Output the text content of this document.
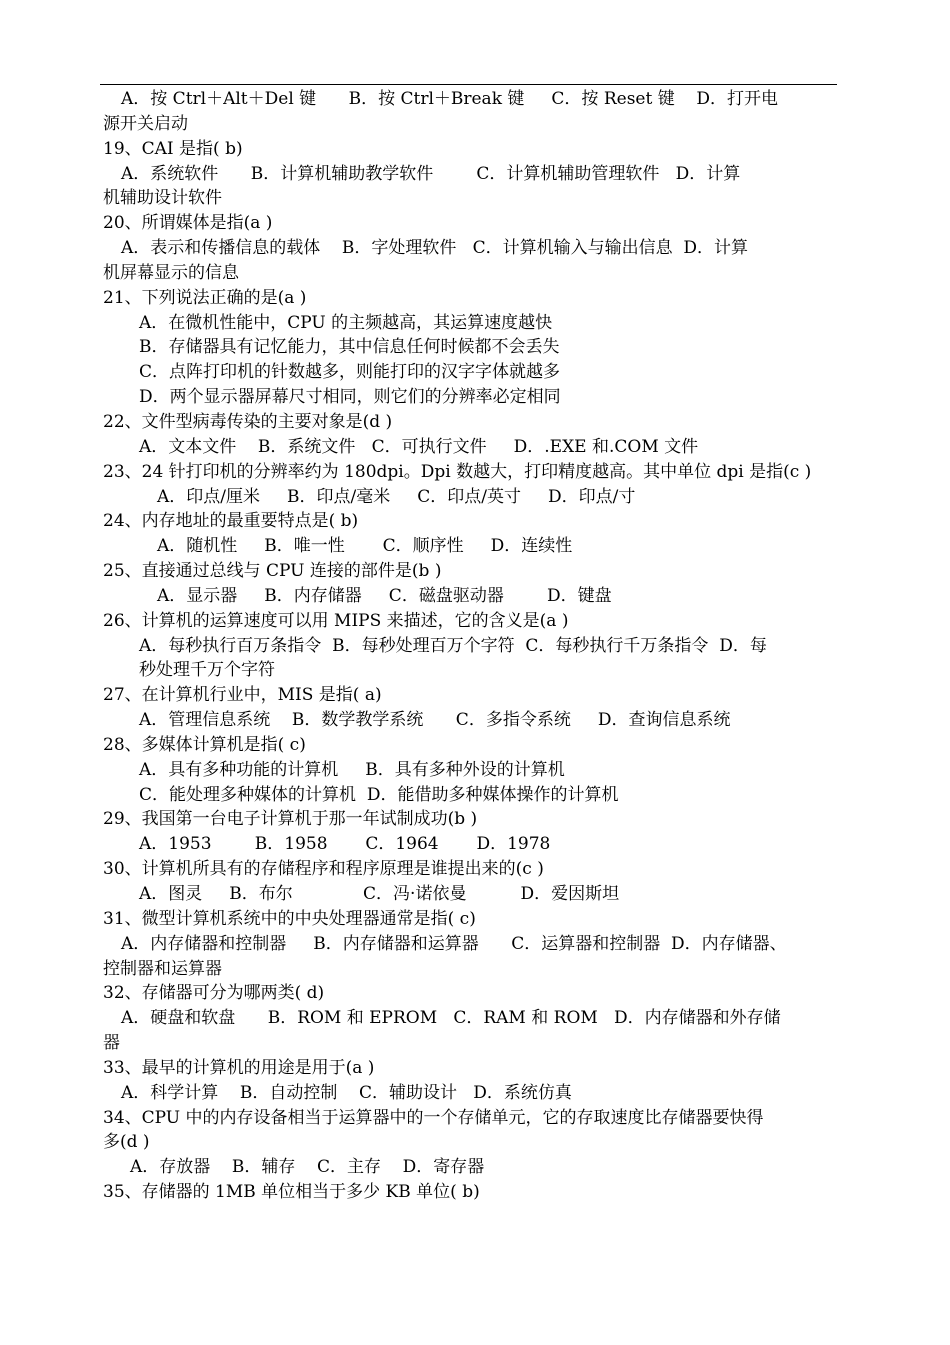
A．按 Ctrl＋Alt＋Del 键      B．按 Ctrl＋Break 键     C．按 Reset 键    D．打开电
源开关启动
19、CAI 是指( b)
A．系统软件      B．计算机辅助教学软件        C．计算机辅助管理软件   D．计算
机辅助设计软件
20、所谓媒体是指(a )
A．表示和传播信息的载体    B．字处理软件   C．计算机输入与输出信息  D．计算
机屏幕显示的信息
21、下列说法正确的是(a )
A．在微机性能中，CPU 的主频越高，其运算速度越快
B．存储器具有记忆能力，其中信息任何时候都不会丢失
C．点阵打印机的针数越多，则能打印的汉字字体就越多
D．两个显示器屏幕尺寸相同，则它们的分辨率必定相同
22、文件型病毒传染的主要对象是(d )
A．文本文件    B．系统文件   C．可执行文件     D．.EXE 和.COM 文件
23、24 针打印机的分辨率约为 180dpi。Dpi 数越大，打印精度越高。其中单位 dpi 是指(c )
A．印点/厘米     B．印点/毫米     C．印点/英寸     D．印点/寸
24、内存地址的最重要特点是( b)
A．随机性     B．唯一性       C．顺序性     D．连续性
25、直接通过总线与 CPU 连接的部件是(b )
A．显示器     B．内存储器     C．磁盘驱动器        D．键盘
26、计算机的运算速度可以用 MIPS 来描述，它的含义是(a )
A．每秒执行百万条指令  B．每秒处理百万个字符  C．每秒执行千万条指令  D．每
秒处理千万个字符
27、在计算机行业中，MIS 是指( a)
A．管理信息系统    B．数学教学系统      C．多指令系统     D．查询信息系统
28、多媒体计算机是指( c)
A．具有多种功能的计算机     B．具有多种外设的计算机
C．能处理多种媒体的计算机  D．能借助多种媒体操作的计算机
29、我国第一台电子计算机于那一年试制成功(b )
A．1953        B．1958       C．1964       D．1978
30、计算机所具有的存储程序和程序原理是谁提出来的(c )
A．图灵     B．布尔             C．冯·诺依曼          D．爱因斯坦
31、微型计算机系统中的中央处理器通常是指( c)
A．内存储器和控制器     B．内存储器和运算器      C．运算器和控制器  D．内存储器、
控制器和运算器
32、存储器可分为哪两类( d)
A．硬盘和软盘      B．ROM 和 EPROM   C．RAM 和 ROM   D．内存储器和外存储
器
33、最早的计算机的用途是用于(a )
A．科学计算    B．自动控制    C．辅助设计   D．系统仿真
34、CPU 中的内存设备相当于运算器中的一个存储单元，它的存取速度比存储器要快得
多(d )
A．存放器    B．辅存    C．主存    D．寄存器
35、存储器的 1MB 单位相当于多少 KB 单位( b)
